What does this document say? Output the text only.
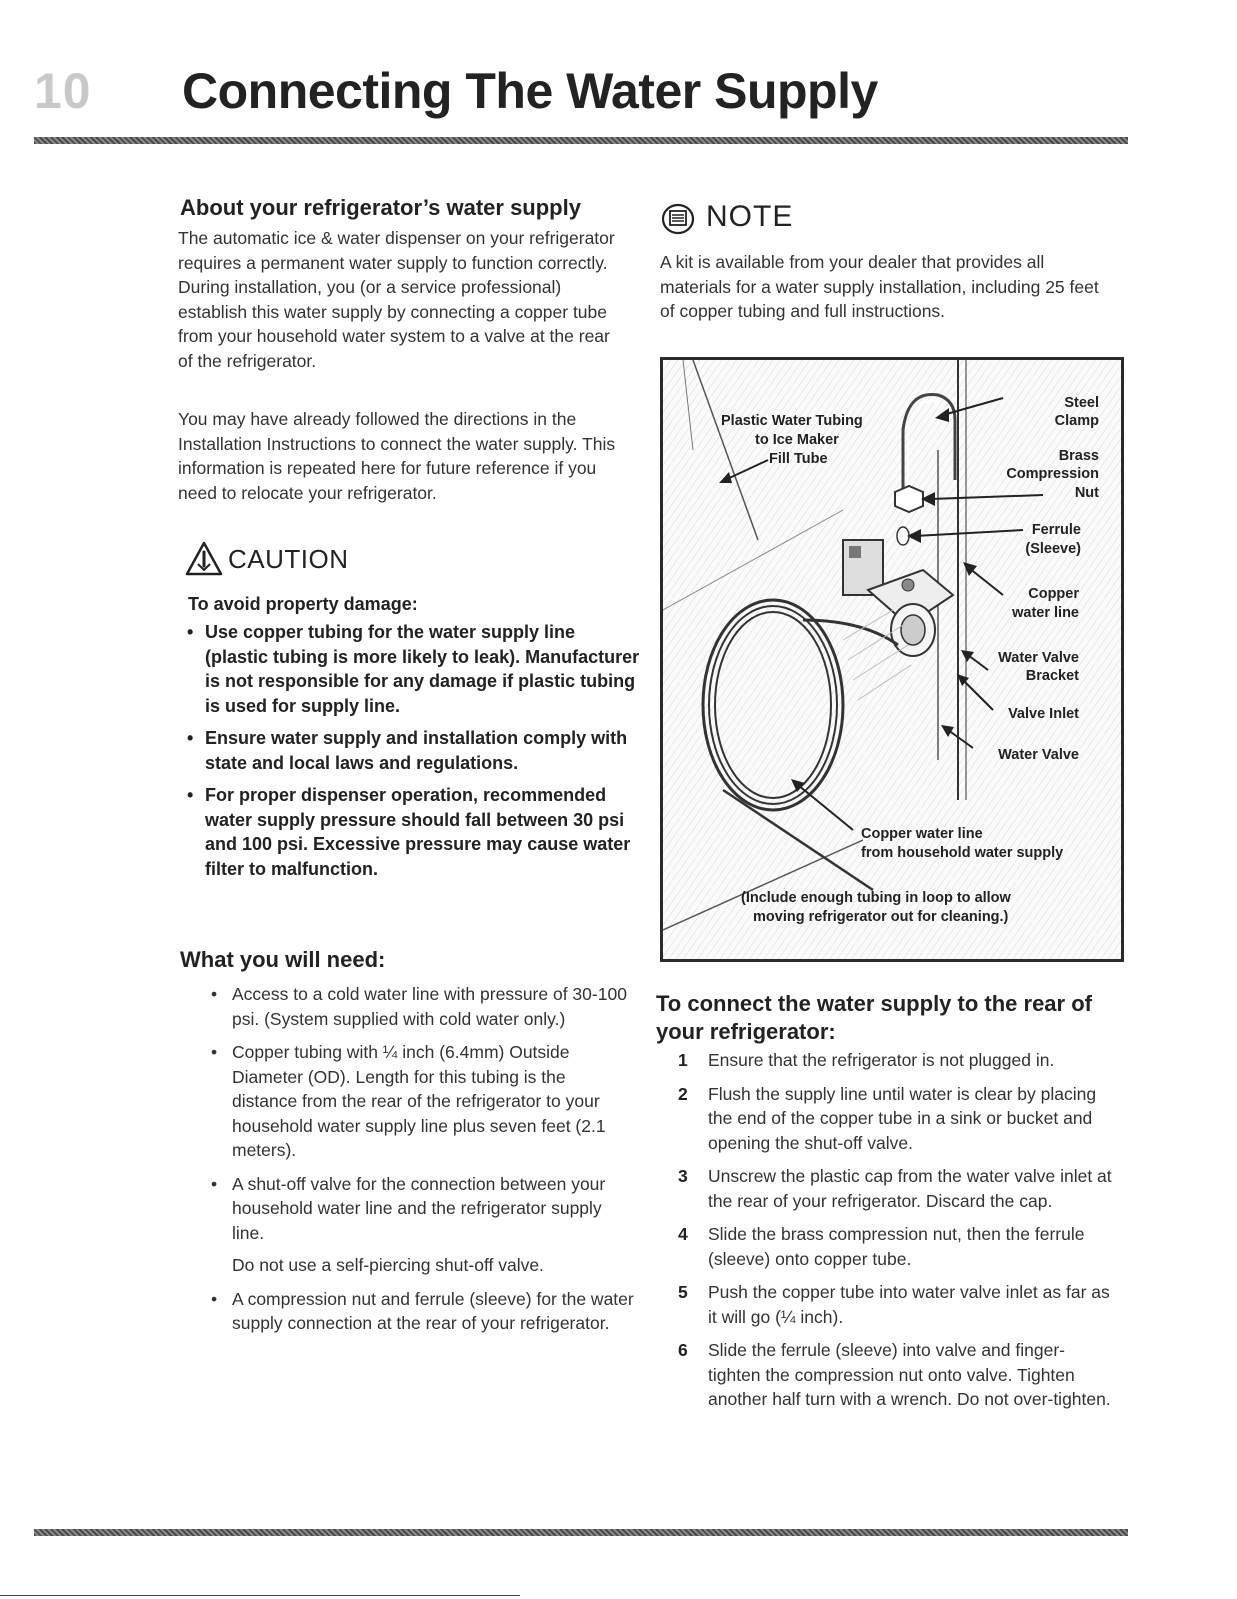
10 Connecting The Water Supply
About your refrigerator’s water supply
The automatic ice & water dispenser on your refrigerator requires a permanent water supply to function correctly. During installation, you (or a service professional) establish this water supply by connecting a copper tube from your household water system to a valve at the rear of the refrigerator.
You may have already followed the directions in the Installation Instructions to connect the water supply. This information is repeated here for future reference if you need to relocate your refrigerator.
CAUTION
To avoid property damage:
• Use copper tubing for the water supply line (plastic tubing is more likely to leak). Manufacturer is not responsible for any damage if plastic tubing is used for supply line.
• Ensure water supply and installation comply with state and local laws and regulations.
• For proper dispenser operation, recommended water supply pressure should fall between 30 psi and 100 psi. Excessive pressure may cause water filter to malfunction.
What you will need:
• Access to a cold water line with pressure of 30-100 psi. (System supplied with cold water only.)
• Copper tubing with ¼ inch (6.4mm) Outside Diameter (OD). Length for this tubing is the distance from the rear of the refrigerator to your household water supply line plus seven feet (2.1 meters).
• A shut-off valve for the connection between your household water line and the refrigerator supply line.
Do not use a self-piercing shut-off valve.
• A compression nut and ferrule (sleeve) for the water supply connection at the rear of your refrigerator.
NOTE
A kit is available from your dealer that provides all materials for a water supply installation, including 25 feet of copper tubing and full instructions.
Plastic Water Tubing
to Ice Maker
Fill Tube
Steel
Clamp
Brass
Compression
Nut
Ferrule
(Sleeve)
Copper
water line
Water Valve
Bracket
Valve Inlet
Water Valve
Copper water line
from household water supply
(Include enough tubing in loop to allow
moving refrigerator out for cleaning.)
To connect the water supply to the rear of your refrigerator:
1 Ensure that the refrigerator is not plugged in.
2 Flush the supply line until water is clear by placing the end of the copper tube in a sink or bucket and opening the shut-off valve.
3 Unscrew the plastic cap from the water valve inlet at the rear of your refrigerator. Discard the cap.
4 Slide the brass compression nut, then the ferrule (sleeve) onto copper tube.
5 Push the copper tube into water valve inlet as far as it will go (¼ inch).
6 Slide the ferrule (sleeve) into valve and finger-tighten the compression nut onto valve. Tighten another half turn with a wrench. Do not over-tighten.
